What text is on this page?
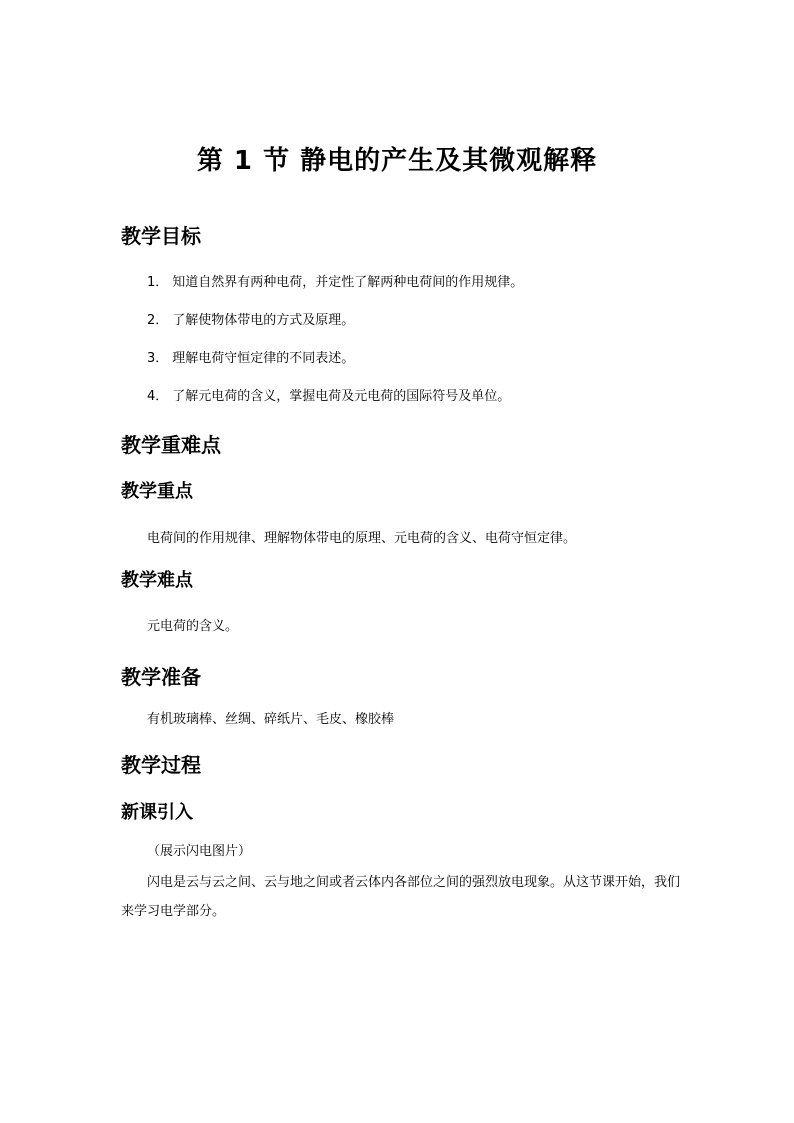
第 1 节 静电的产生及其微观解释
教学目标
1． 知道自然界有两种电荷，并定性了解两种电荷间的作用规律。
2． 了解使物体带电的方式及原理。
3． 理解电荷守恒定律的不同表述。
4． 了解元电荷的含义，掌握电荷及元电荷的国际符号及单位。
教学重难点
教学重点

电荷间的作用规律、理解物体带电的原理、元电荷的含义、电荷守恒定律。

教学难点

元电荷的含义。

教学准备

有机玻璃棒、丝绸、碎纸片、毛皮、橡胶棒

教学过程
新课引入

（展示闪电图片）

闪电是云与云之间、云与地之间或者云体内各部位之间的强烈放电现象。从这节课开始，我们来学习电学部分。
